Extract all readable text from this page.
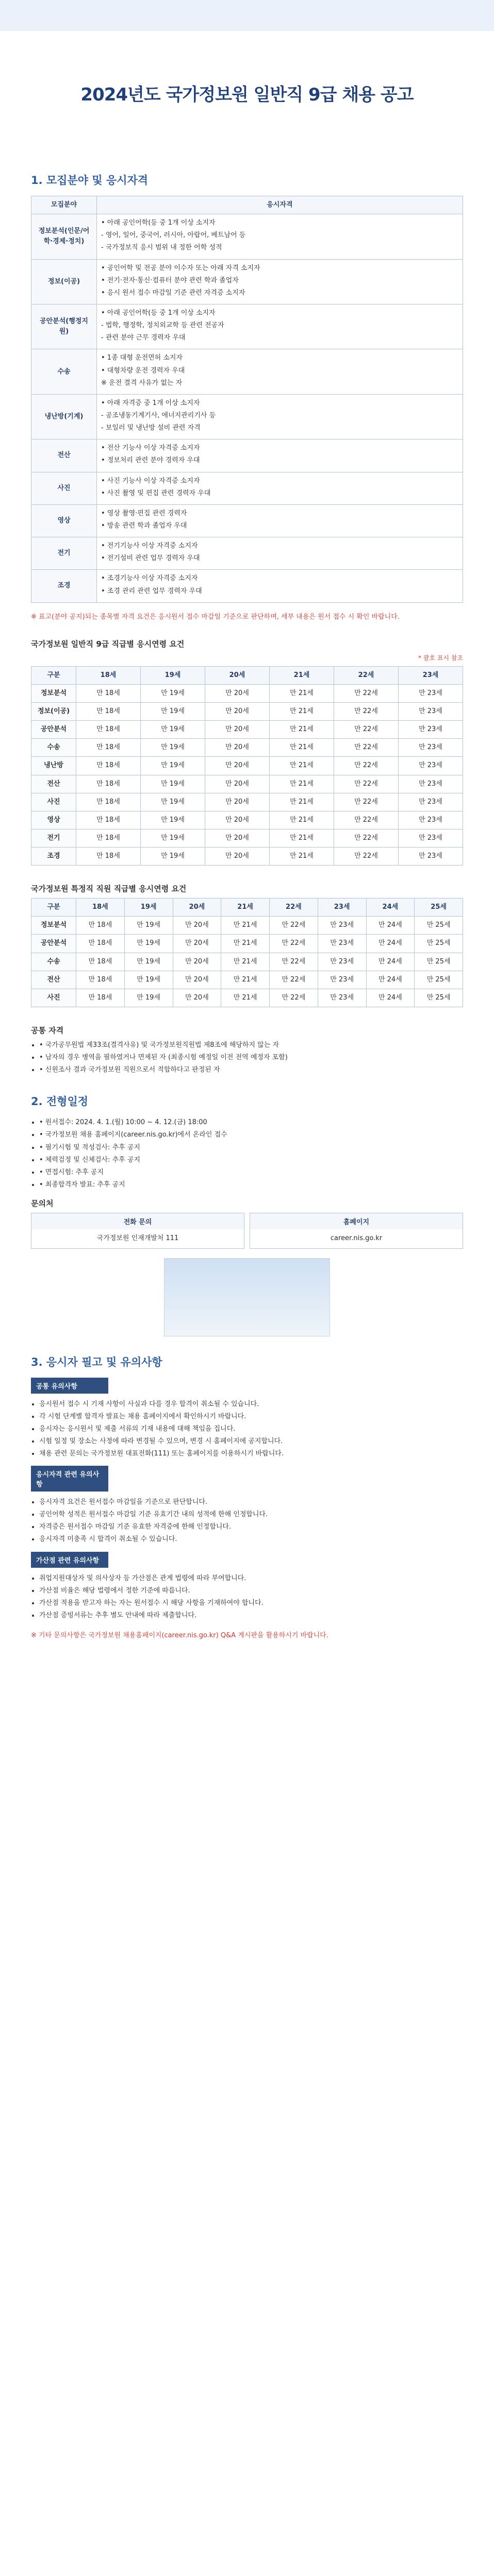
2024년도 국가정보원 일반직 9급 채용 공고
1. 모집분야 및 응시자격
모집분야	응시자격
정보분석(인문/어학·경제·정치)	• 아래 공인어학(등 중 1개 이상 소지자

- 영어, 일어, 중국어, 러시아, 아랍어, 베트남어 등

- 국가정보직 응시 범위 내 정한 어학 성적

정보(이공)	• 공인어학 및 전공 분야 이수자 또는 아래 자격 소지자

• 전기·전자·통신·컴퓨터 분야 관련 학과 졸업자

• 응시 원서 접수 마감일 기준 관련 자격증 소지자

공안분석(행정지원)	• 아래 공인어학(등 중 1개 이상 소지자

- 법학, 행정학, 정치외교학 등 관련 전공자

- 관련 분야 근무 경력자 우대

수송	• 1종 대형 운전면허 소지자

• 대형차량 운전 경력자 우대

※ 운전 결격 사유가 없는 자

냉난방(기계)	• 아래 자격증 중 1개 이상 소지자

- 공조냉동기계기사, 에너지관리기사 등

- 보일러 및 냉난방 설비 관련 자격

전산	• 전산 기능사 이상 자격증 소지자

• 정보처리 관련 분야 경력자 우대

사진	• 사진 기능사 이상 자격증 소지자

• 사진 촬영 및 편집 관련 경력자 우대

영상	• 영상 촬영·편집 관련 경력자

• 방송 관련 학과 졸업자 우대

전기	• 전기기능사 이상 자격증 소지자

• 전기설비 관련 업무 경력자 우대

조경	• 조경기능사 이상 자격증 소지자

• 조경 관리 관련 업무 경력자 우대

※ 표고(분야 공지)되는 종목별 자격 요건은 응시원서 접수 마감일 기준으로 판단하며, 세부 내용은 원서 접수 시 확인 바랍니다.
국가정보원 일반직 9급 직급별 응시연령 요건
* 괄호 표시 참조
구분	18세	19세	20세	21세	22세	23세
정보분석	만 18세	만 19세	만 20세	만 21세	만 22세	만 23세
정보(이공)	만 18세	만 19세	만 20세	만 21세	만 22세	만 23세
공안분석	만 18세	만 19세	만 20세	만 21세	만 22세	만 23세
수송	만 18세	만 19세	만 20세	만 21세	만 22세	만 23세
냉난방	만 18세	만 19세	만 20세	만 21세	만 22세	만 23세
전산	만 18세	만 19세	만 20세	만 21세	만 22세	만 23세
사진	만 18세	만 19세	만 20세	만 21세	만 22세	만 23세
영상	만 18세	만 19세	만 20세	만 21세	만 22세	만 23세
전기	만 18세	만 19세	만 20세	만 21세	만 22세	만 23세
조경	만 18세	만 19세	만 20세	만 21세	만 22세	만 23세
국가정보원 특정직 직원 직급별 응시연령 요건
구분	18세	19세	20세	21세	22세	23세	24세	25세
정보분석	만 18세	만 19세	만 20세	만 21세	만 22세	만 23세	만 24세	만 25세
공안분석	만 18세	만 19세	만 20세	만 21세	만 22세	만 23세	만 24세	만 25세
수송	만 18세	만 19세	만 20세	만 21세	만 22세	만 23세	만 24세	만 25세
전산	만 18세	만 19세	만 20세	만 21세	만 22세	만 23세	만 24세	만 25세
사진	만 18세	만 19세	만 20세	만 21세	만 22세	만 23세	만 24세	만 25세
공통 자격
• • 국가공무원법 제33조(결격사유) 및 국가정보원직원법 제8조에 해당하지 않는 자
• • 남자의 경우 병역을 필하였거나 면제된 자 (최종시험 예정일 이전 전역 예정자 포함)
• • 신원조사 결과 국가정보원 직원으로서 적합하다고 판정된 자
2. 전형일정
• • 원서접수: 2024. 4. 1.(월) 10:00 ~ 4. 12.(금) 18:00
• • 국가정보원 채용 홈페이지(career.nis.go.kr)에서 온라인 접수
• • 필기시험 및 적성검사: 추후 공지
• • 체력검정 및 신체검사: 추후 공지
• • 면접시험: 추후 공지
• • 최종합격자 발표: 추후 공지
문의처
전화 문의
국가정보원 인재개발처 111
홈페이지
career.nis.go.kr
3. 응시자 필고 및 유의사항
공통 유의사항
• 응시원서 접수 시 기재 사항이 사실과 다를 경우 합격이 취소될 수 있습니다.
• 각 시험 단계별 합격자 발표는 채용 홈페이지에서 확인하시기 바랍니다.
• 응시자는 응시원서 및 제출 서류의 기재 내용에 대해 책임을 집니다.
• 시험 일정 및 장소는 사정에 따라 변경될 수 있으며, 변경 시 홈페이지에 공지합니다.
• 채용 관련 문의는 국가정보원 대표전화(111) 또는 홈페이지를 이용하시기 바랍니다.
응시자격 관련 유의사항
• 응시자격 요건은 원서접수 마감일을 기준으로 판단합니다.
• 공인어학 성적은 원서접수 마감일 기준 유효기간 내의 성적에 한해 인정합니다.
• 자격증은 원서접수 마감일 기준 유효한 자격증에 한해 인정합니다.
• 응시자격 미충족 시 합격이 취소될 수 있습니다.
가산점 관련 유의사항
• 취업지원대상자 및 의사상자 등 가산점은 관계 법령에 따라 부여합니다.
• 가산점 비율은 해당 법령에서 정한 기준에 따릅니다.
• 가산점 적용을 받고자 하는 자는 원서접수 시 해당 사항을 기재하여야 합니다.
• 가산점 증빙서류는 추후 별도 안내에 따라 제출합니다.
※ 기타 문의사항은 국가정보원 채용홈페이지(career.nis.go.kr) Q&A 게시판을 활용하시기 바랍니다.
